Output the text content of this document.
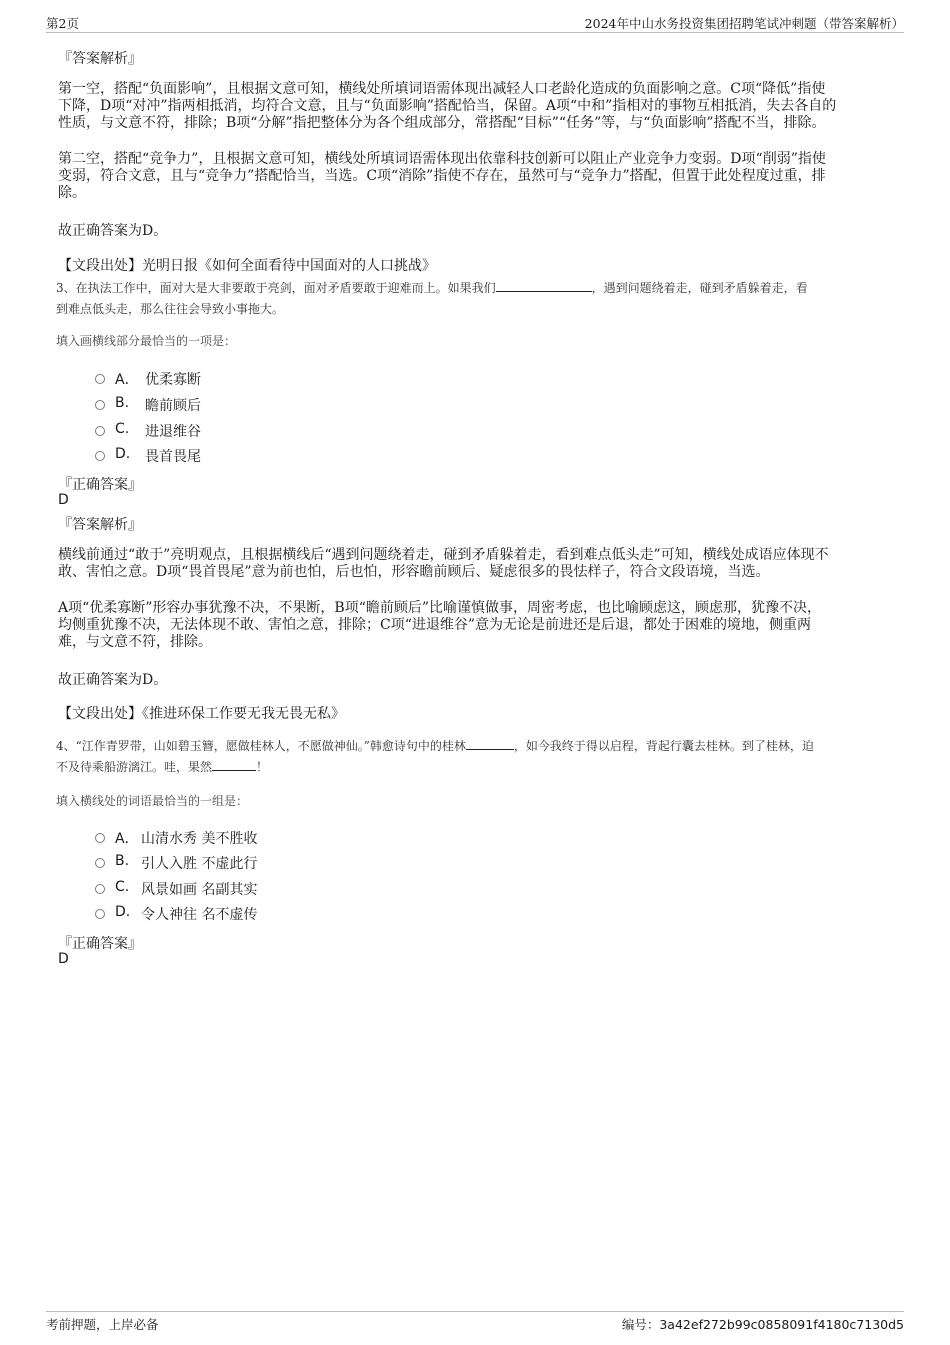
第2页	2024年中山水务投资集团招聘笔试冲刺题（带答案解析）
『答案解析』
第一空，搭配“负面影响”，且根据文意可知，横线处所填词语需体现出减轻人口老龄化造成的负面影响之意。C项“降低”指使
下降，D项“对冲”指两相抵消，均符合文意，且与“负面影响”搭配恰当，保留。A项“中和”指相对的事物互相抵消，失去各自的
性质，与文意不符，排除；B项“分解”指把整体分为各个组成部分，常搭配“目标”“任务”等，与“负面影响”搭配不当，排除。
第二空，搭配“竞争力”，且根据文意可知，横线处所填词语需体现出依靠科技创新可以阻止产业竞争力变弱。D项“削弱”指使
变弱，符合文意，且与“竞争力”搭配恰当，当选。C项“消除”指使不存在，虽然可与“竞争力”搭配，但置于此处程度过重，排
除。
故正确答案为D。
【文段出处】光明日报《如何全面看待中国面对的人口挑战》
3、在执法工作中，面对大是大非要敢于亮剑，面对矛盾要敢于迎难而上。如果我们	，遇到问题绕着走，碰到矛盾躲着走，看
到难点低头走，那么往往会导致小事拖大。
填入画横线部分最恰当的一项是：
A． 优柔寡断
B. 瞻前顾后
C. 进退维谷
D. 畏首畏尾
『正确答案』
D
『答案解析』
横线前通过“敢于”亮明观点，且根据横线后“遇到问题绕着走，碰到矛盾躲着走，看到难点低头走”可知，横线处成语应体现不
敢、害怕之意。D项“畏首畏尾”意为前也怕，后也怕，形容瞻前顾后、疑虑很多的畏怯样子，符合文段语境，当选。
A项“优柔寡断”形容办事犹豫不决，不果断，B项“瞻前顾后”比喻谨慎做事，周密考虑，也比喻顾虑这，顾虑那，犹豫不决，
均侧重犹豫不决，无法体现不敢、害怕之意，排除；C项“进退维谷”意为无论是前进还是后退，都处于困难的境地，侧重两
难，与文意不符，排除。
故正确答案为D。
【文段出处】《推进环保工作要无我无畏无私》
4、“江作青罗带，山如碧玉簪，愿做桂林人，不愿做神仙。”韩愈诗句中的桂林	，如今我终于得以启程，背起行囊去桂林。到了桂林，迫
不及待乘船游漓江。哇，果然	！
填入横线处的词语最恰当的一组是：
A． 山清水秀 美不胜收
B. 引人入胜 不虚此行
C. 风景如画 名副其实
D. 令人神往 名不虚传
『正确答案』
D
考前押题，上岸必备	编号：3a42ef272b99c0858091f4180c7130d5
